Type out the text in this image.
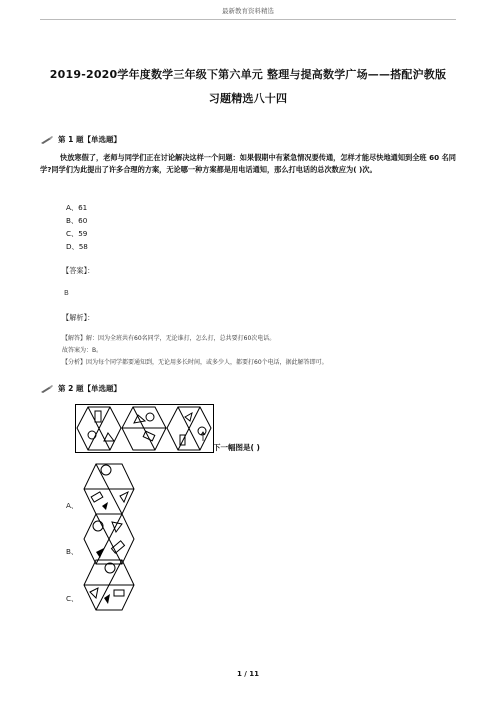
最新教育资料精选
2019-2020学年度数学三年级下第六单元 整理与提高数学广场——搭配沪教版
习题精选八十四
第 1 题【单选题】
快放寒假了，老师与同学们正在讨论解决这样一个问题：如果假期中有紧急情况要传通，怎样才能尽快地通知到全班 60 名同学?同学们为此提出了许多合理的方案，无论哪一种方案都是用电话通知，那么打电话的总次数应为( )次。
A、61
B、60
C、59
D、58
【答案】：
B
【解析】：
【解答】解：因为全班共有60名同学，无论谁打，怎么打，总共要打60次电话。
故答案为：B。
【分析】因为每个同学都要通知到，无论用多长时间，或多少人，都要打60个电话，据此解答即可。
第 2 题【单选题】
下一幅图是( )
A、
B、
C、
1 / 11
